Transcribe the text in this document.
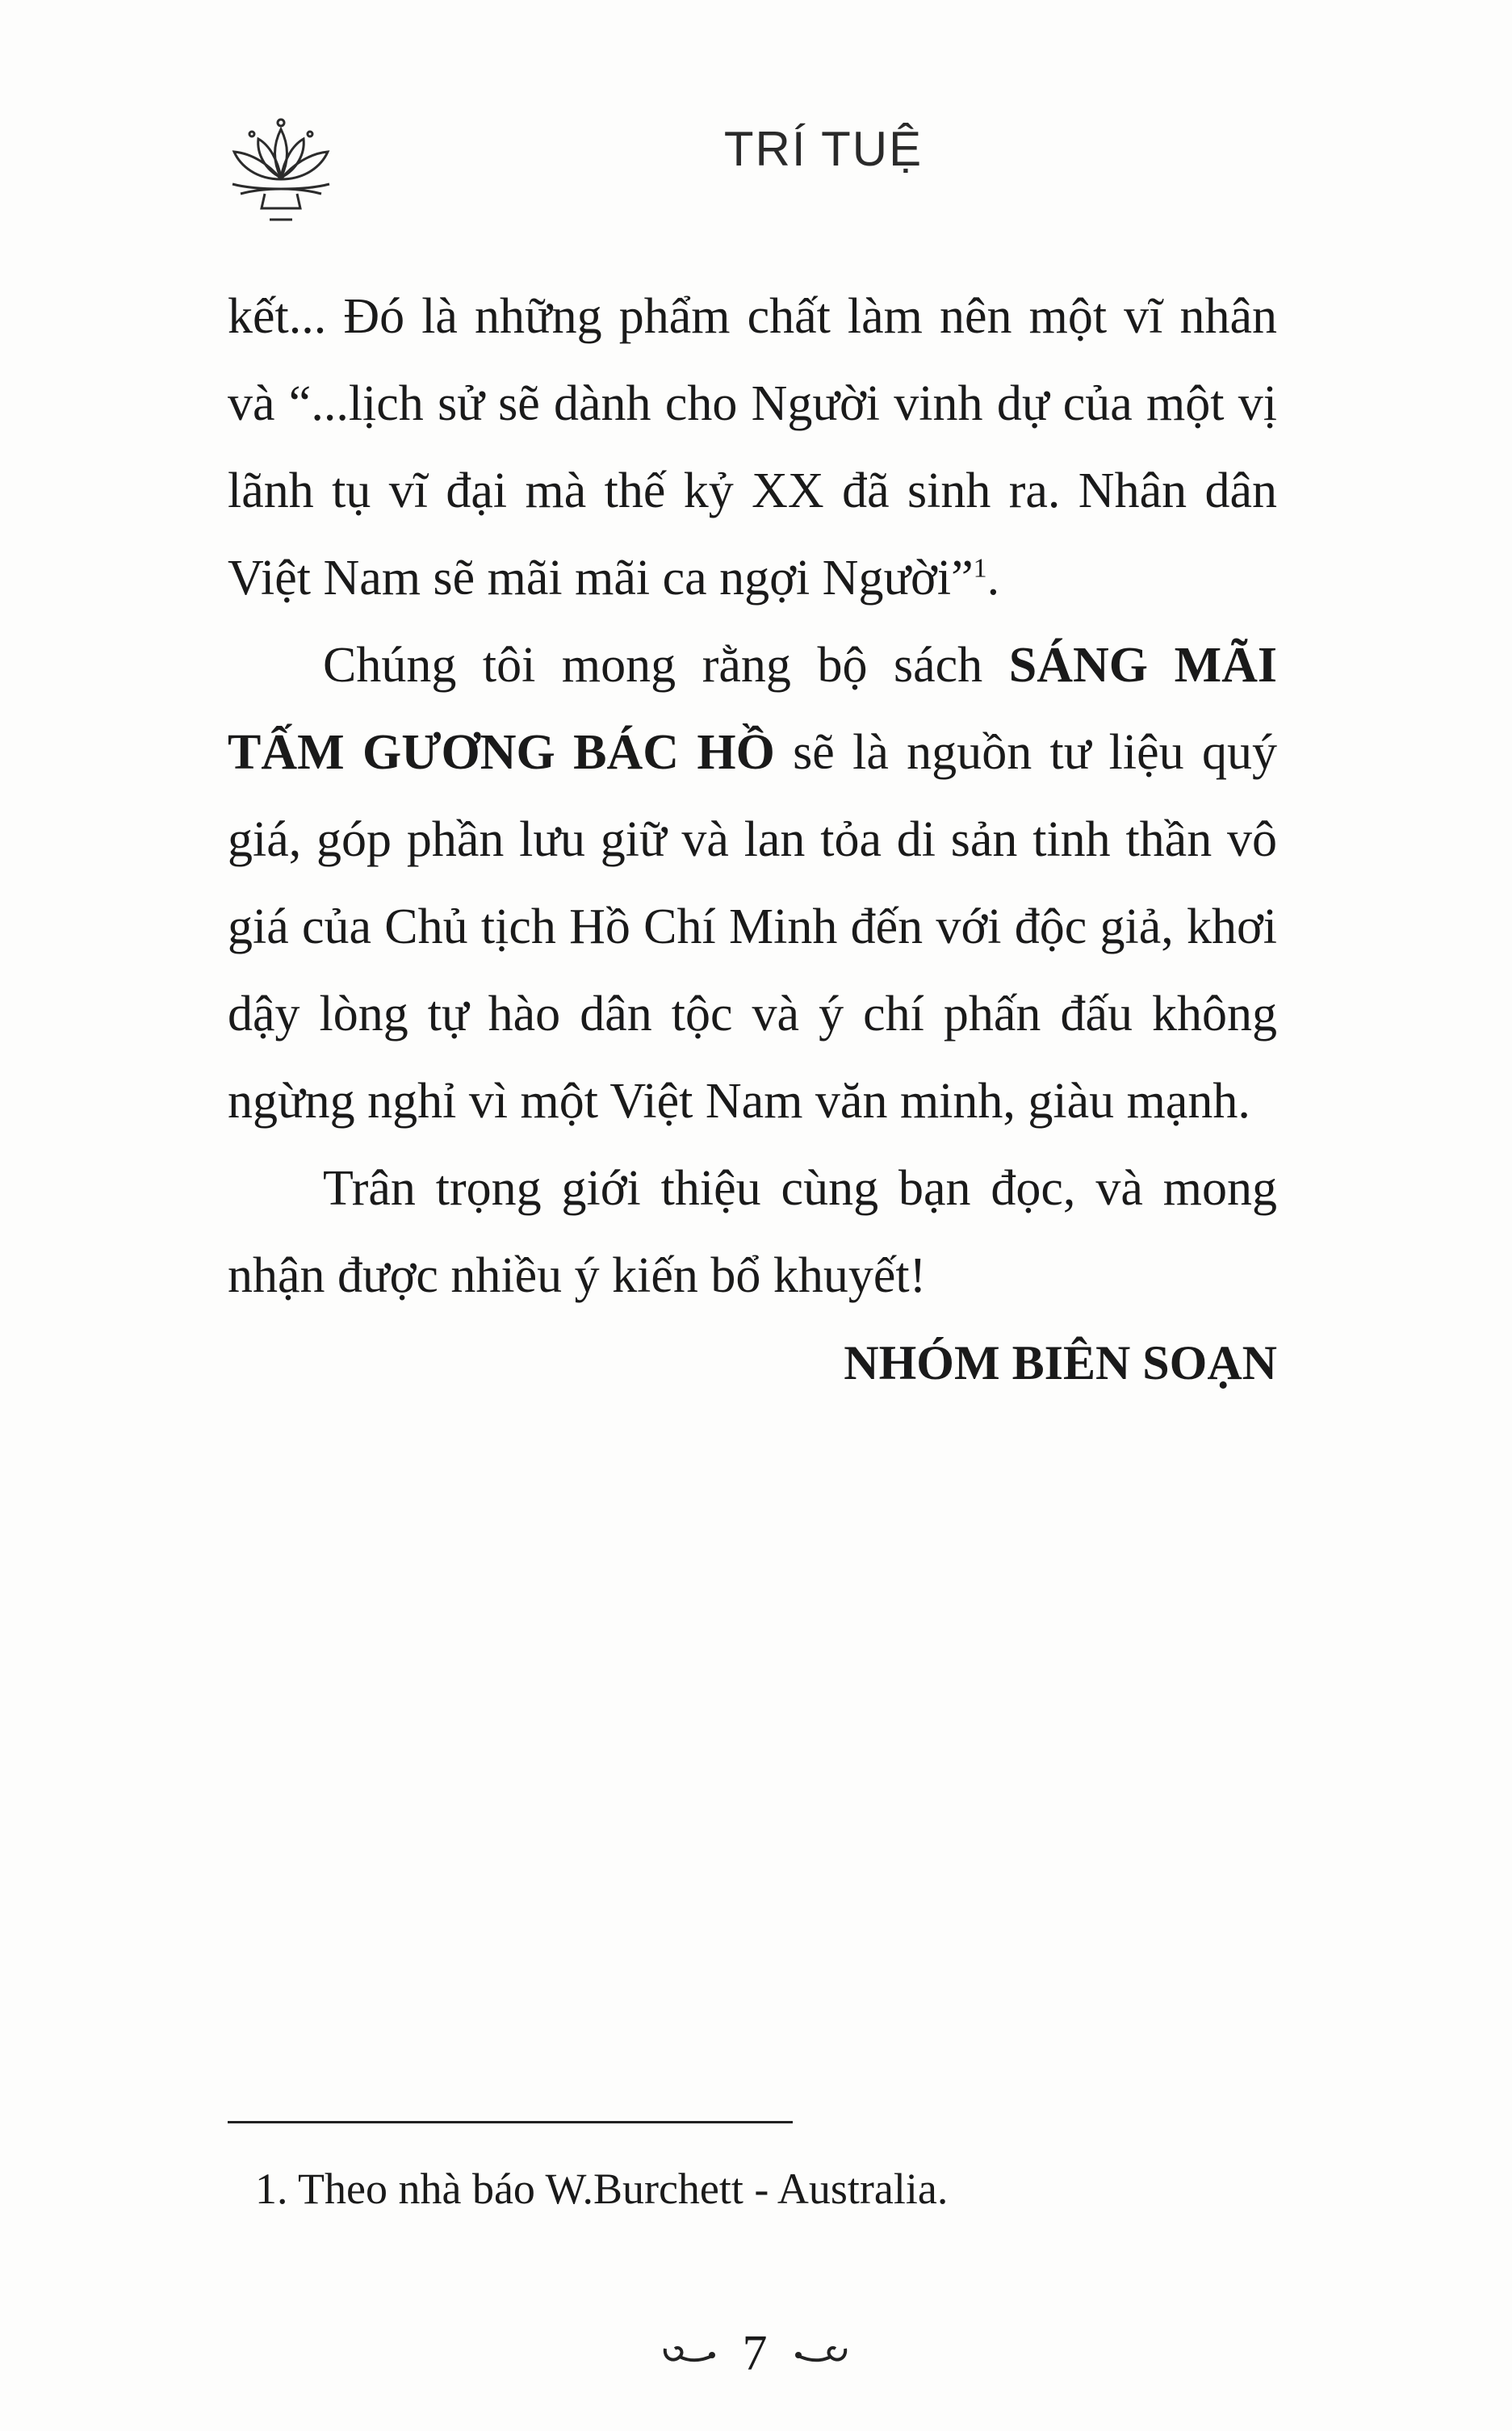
TRÍ TUỆ

kết... Đó là những phẩm chất làm nên một vĩ nhân và “...lịch sử sẽ dành cho Người vinh dự của một vị lãnh tụ vĩ đại mà thế kỷ XX đã sinh ra. Nhân dân Việt Nam sẽ mãi mãi ca ngợi Người”$^1$.

Chúng tôi mong rằng bộ sách SÁNG MÃI TẤM GƯƠNG BÁC HỒ sẽ là nguồn tư liệu quý giá, góp phần lưu giữ và lan tỏa di sản tinh thần vô giá của Chủ tịch Hồ Chí Minh đến với độc giả, khơi dậy lòng tự hào dân tộc và ý chí phấn đấu không ngừng nghỉ vì một Việt Nam văn minh, giàu mạnh.

Trân trọng giới thiệu cùng bạn đọc, và mong nhận được nhiều ý kiến bổ khuyết!

NHÓM BIÊN SOẠN

1. Theo nhà báo W.Burchett - Australia.
7
